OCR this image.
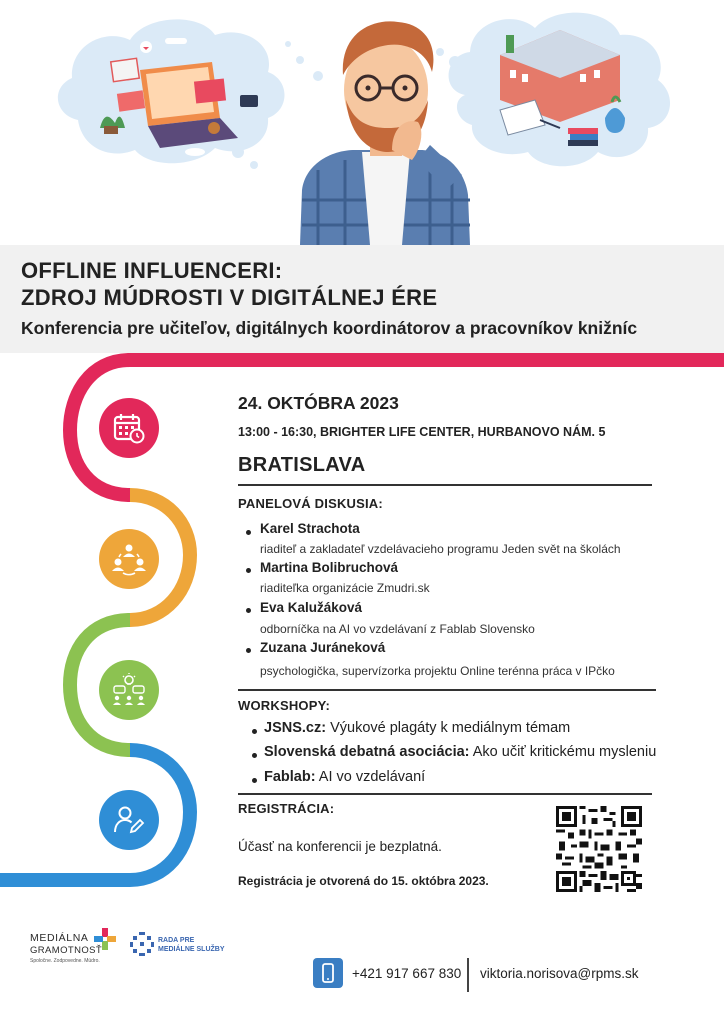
OFFLINE INFLUENCERI:
ZDROJ MÚDROSTI V DIGITÁLNEJ ÉRE
Konferencia pre učiteľov, digitálnych koordinátorov a pracovníkov knižníc
24. OKTÓBRA 2023
13:00 - 16:30, BRIGHTER LIFE CENTER, HURBANOVO NÁM. 5
BRATISLAVA
PANELOVÁ DISKUSIA:
Karel Strachota
riaditeľ a zakladateľ vzdelávacieho programu Jeden svět na školách
Martina Bolibruchová
riaditeľka organizácie Zmudri.sk
Eva Kalužáková
odborníčka na AI vo vzdelávaní z Fablab Slovensko
Zuzana Juráneková
psychologička, supervízorka projektu Online terénna práca v IPčko
WORKSHOPY:
JSNS.cz: Výukové plagáty k mediálnym témam
Slovenská debatná asociácia: Ako učiť kritickému mysleniu
Fablab: AI vo vzdelávaní
REGISTRÁCIA:
Účasť na konferencii je bezplatná.
Registrácia je otvorená do 15. októbra 2023.
MEDIÁLNA
GRAMOTNOSŤ
Spoločne. Zodpovedne. Múdro.
RADA PRE
MEDIÁLNE SLUŽBY
+421 917 667 830 viktoria.norisova@rpms.sk
